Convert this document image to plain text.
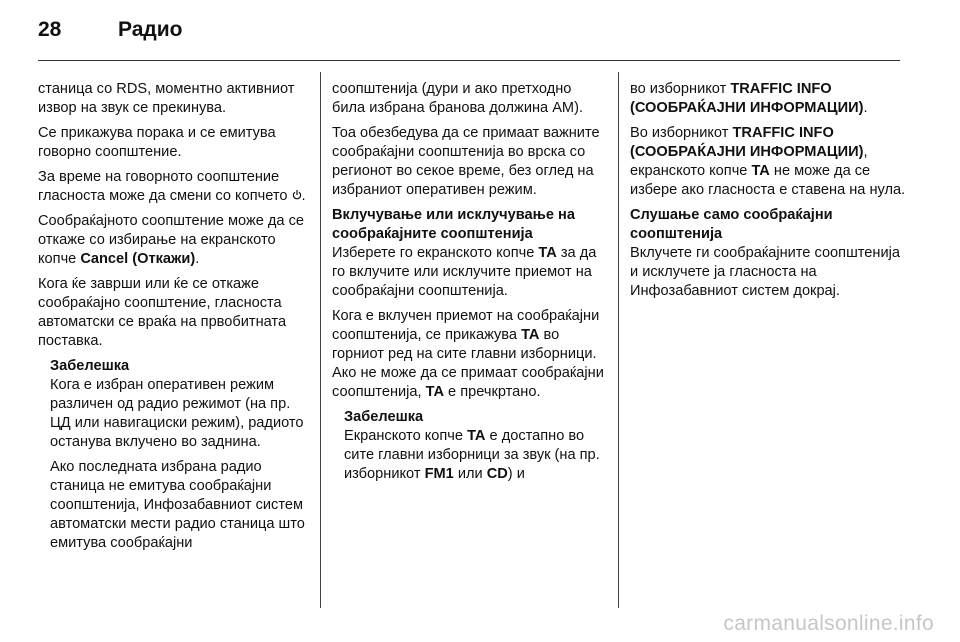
28	Радио

станица со RDS, моментно активниот извор на звук се прекинува.

Се прикажува порака и се емитува говорно соопштение.

За време на говорното соопштение гласноста може да смени со копчето .

Сообраќајното соопштение може да се откаже со избирање на екранското копче Cancel (Откажи).

Кога ќе заврши или ќе се откаже сообраќајно соопштение, гласноста автоматски се враќа на првобитната поставка.

Забелешка

Кога е избран оперативен режим различен од радио режимот (на пр. ЦД или навигациски режим), радиото останува вклучено во заднина.

Ако последната избрана радио станица не емитува сообраќајни соопштенија, Инфозабавниот систем автоматски мести радио станица што емитува сообраќајни

соопштенија (дури и ако претходно била избрана бранова должина AM).

Тоа обезбедува да се примаат важните сообраќајни соопштенија во врска со регионот во секое време, без оглед на избраниот оперативен режим.

Вклучување или исклучување на сообраќајните соопштенија

Изберете го екранското копче TA за да го вклучите или исклучите приемот на сообраќајни соопштенија.

Кога е вклучен приемот на сообраќајни соопштенија, се прикажува TA во горниот ред на сите главни изборници. Ако не може да се примаат сообраќајни соопштенија, TA е пречкртано.

Забелешка

Екранското копче TA е достапно во сите главни изборници за звук (на пр. изборникот FM1 или CD) и

во изборникот TRAFFIC INFO (СООБРАЌАЈНИ ИНФОРМАЦИИ).

Во изборникот TRAFFIC INFO (СООБРАЌАЈНИ ИНФОРМАЦИИ), екранското копче TA не може да се избере ако гласноста е ставена на нула.

Слушање само сообраќајни соопштенија

Вклучете ги сообраќајните соопштенија и исклучете ја гласноста на Инфозабавниот систем докрај.

carmanualsonline.info
